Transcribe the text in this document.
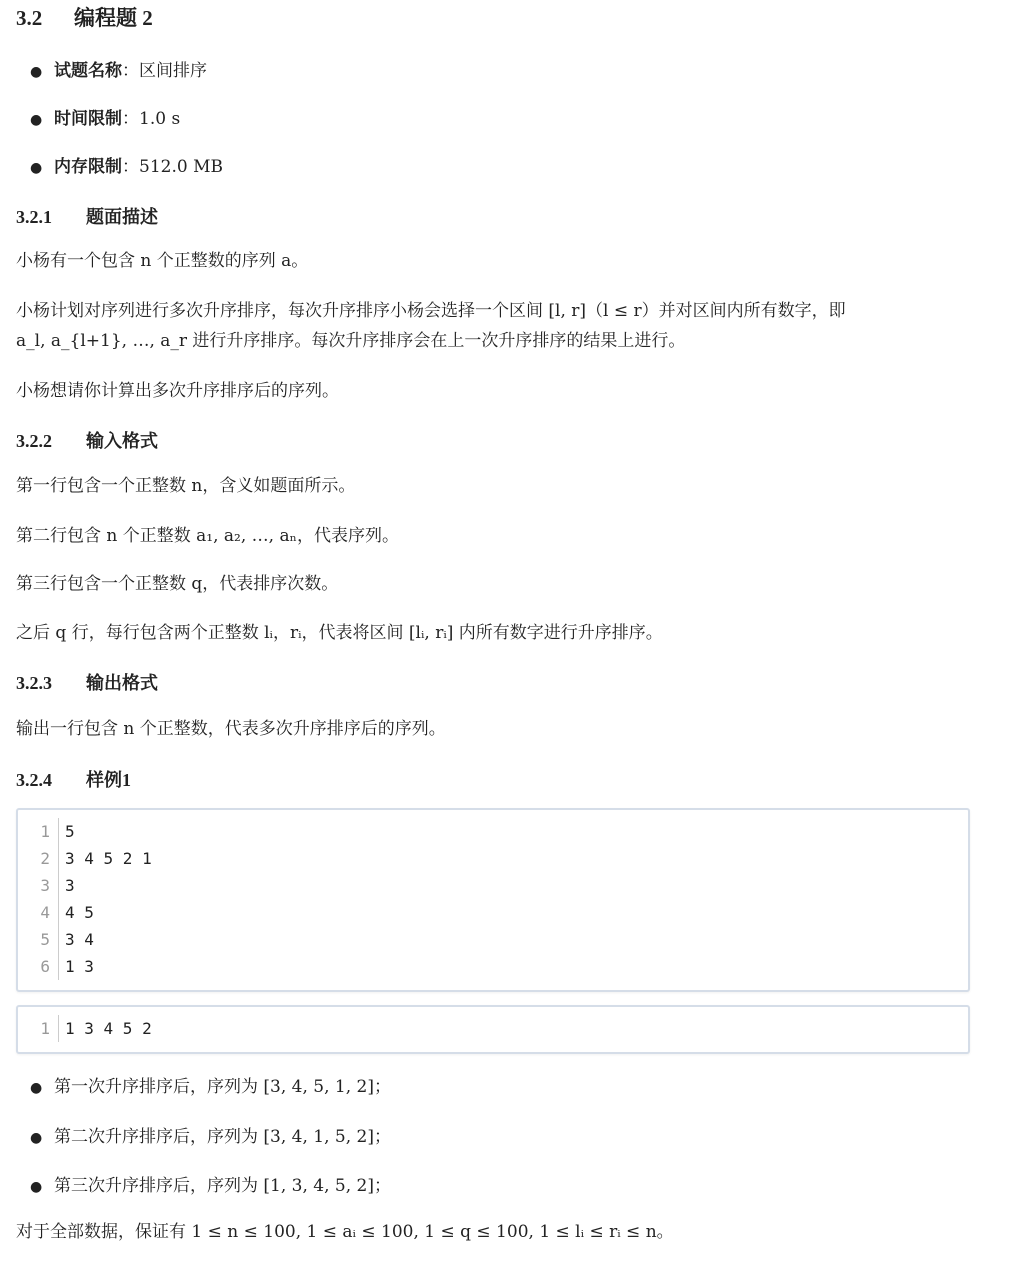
3.2 编程题 2
● 试题名称：区间排序
● 时间限制：1.0 s
● 内存限制：512.0 MB
3.2.1 题面描述
小杨有一个包含 n 个正整数的序列 a。
小杨计划对序列进行多次升序排序，每次升序排序小杨会选择一个区间 [l, r]（l ≤ r）并对区间内所有数字，即
a_l, a_{l+1}, …, a_r 进行升序排序。每次升序排序会在上一次升序排序的结果上进行。
小杨想请你计算出多次升序排序后的序列。
3.2.2 输入格式
第一行包含一个正整数 n，含义如题面所示。
第二行包含 n 个正整数 a₁, a₂, …, aₙ，代表序列。
第三行包含一个正整数 q，代表排序次数。
之后 q 行，每行包含两个正整数 lᵢ，rᵢ，代表将区间 [lᵢ, rᵢ] 内所有数字进行升序排序。
3.2.3 输出格式
输出一行包含 n 个正整数，代表多次升序排序后的序列。
3.2.4 样例1
1 5
2 3 4 5 2 1
3 3
4 4 5
5 3 4
6 1 3
1 1 3 4 5 2
● 第一次升序排序后，序列为 [3, 4, 5, 1, 2]；
● 第二次升序排序后，序列为 [3, 4, 1, 5, 2]；
● 第三次升序排序后，序列为 [1, 3, 4, 5, 2]；
对于全部数据，保证有 1 ≤ n ≤ 100, 1 ≤ aᵢ ≤ 100, 1 ≤ q ≤ 100, 1 ≤ lᵢ ≤ rᵢ ≤ n。
